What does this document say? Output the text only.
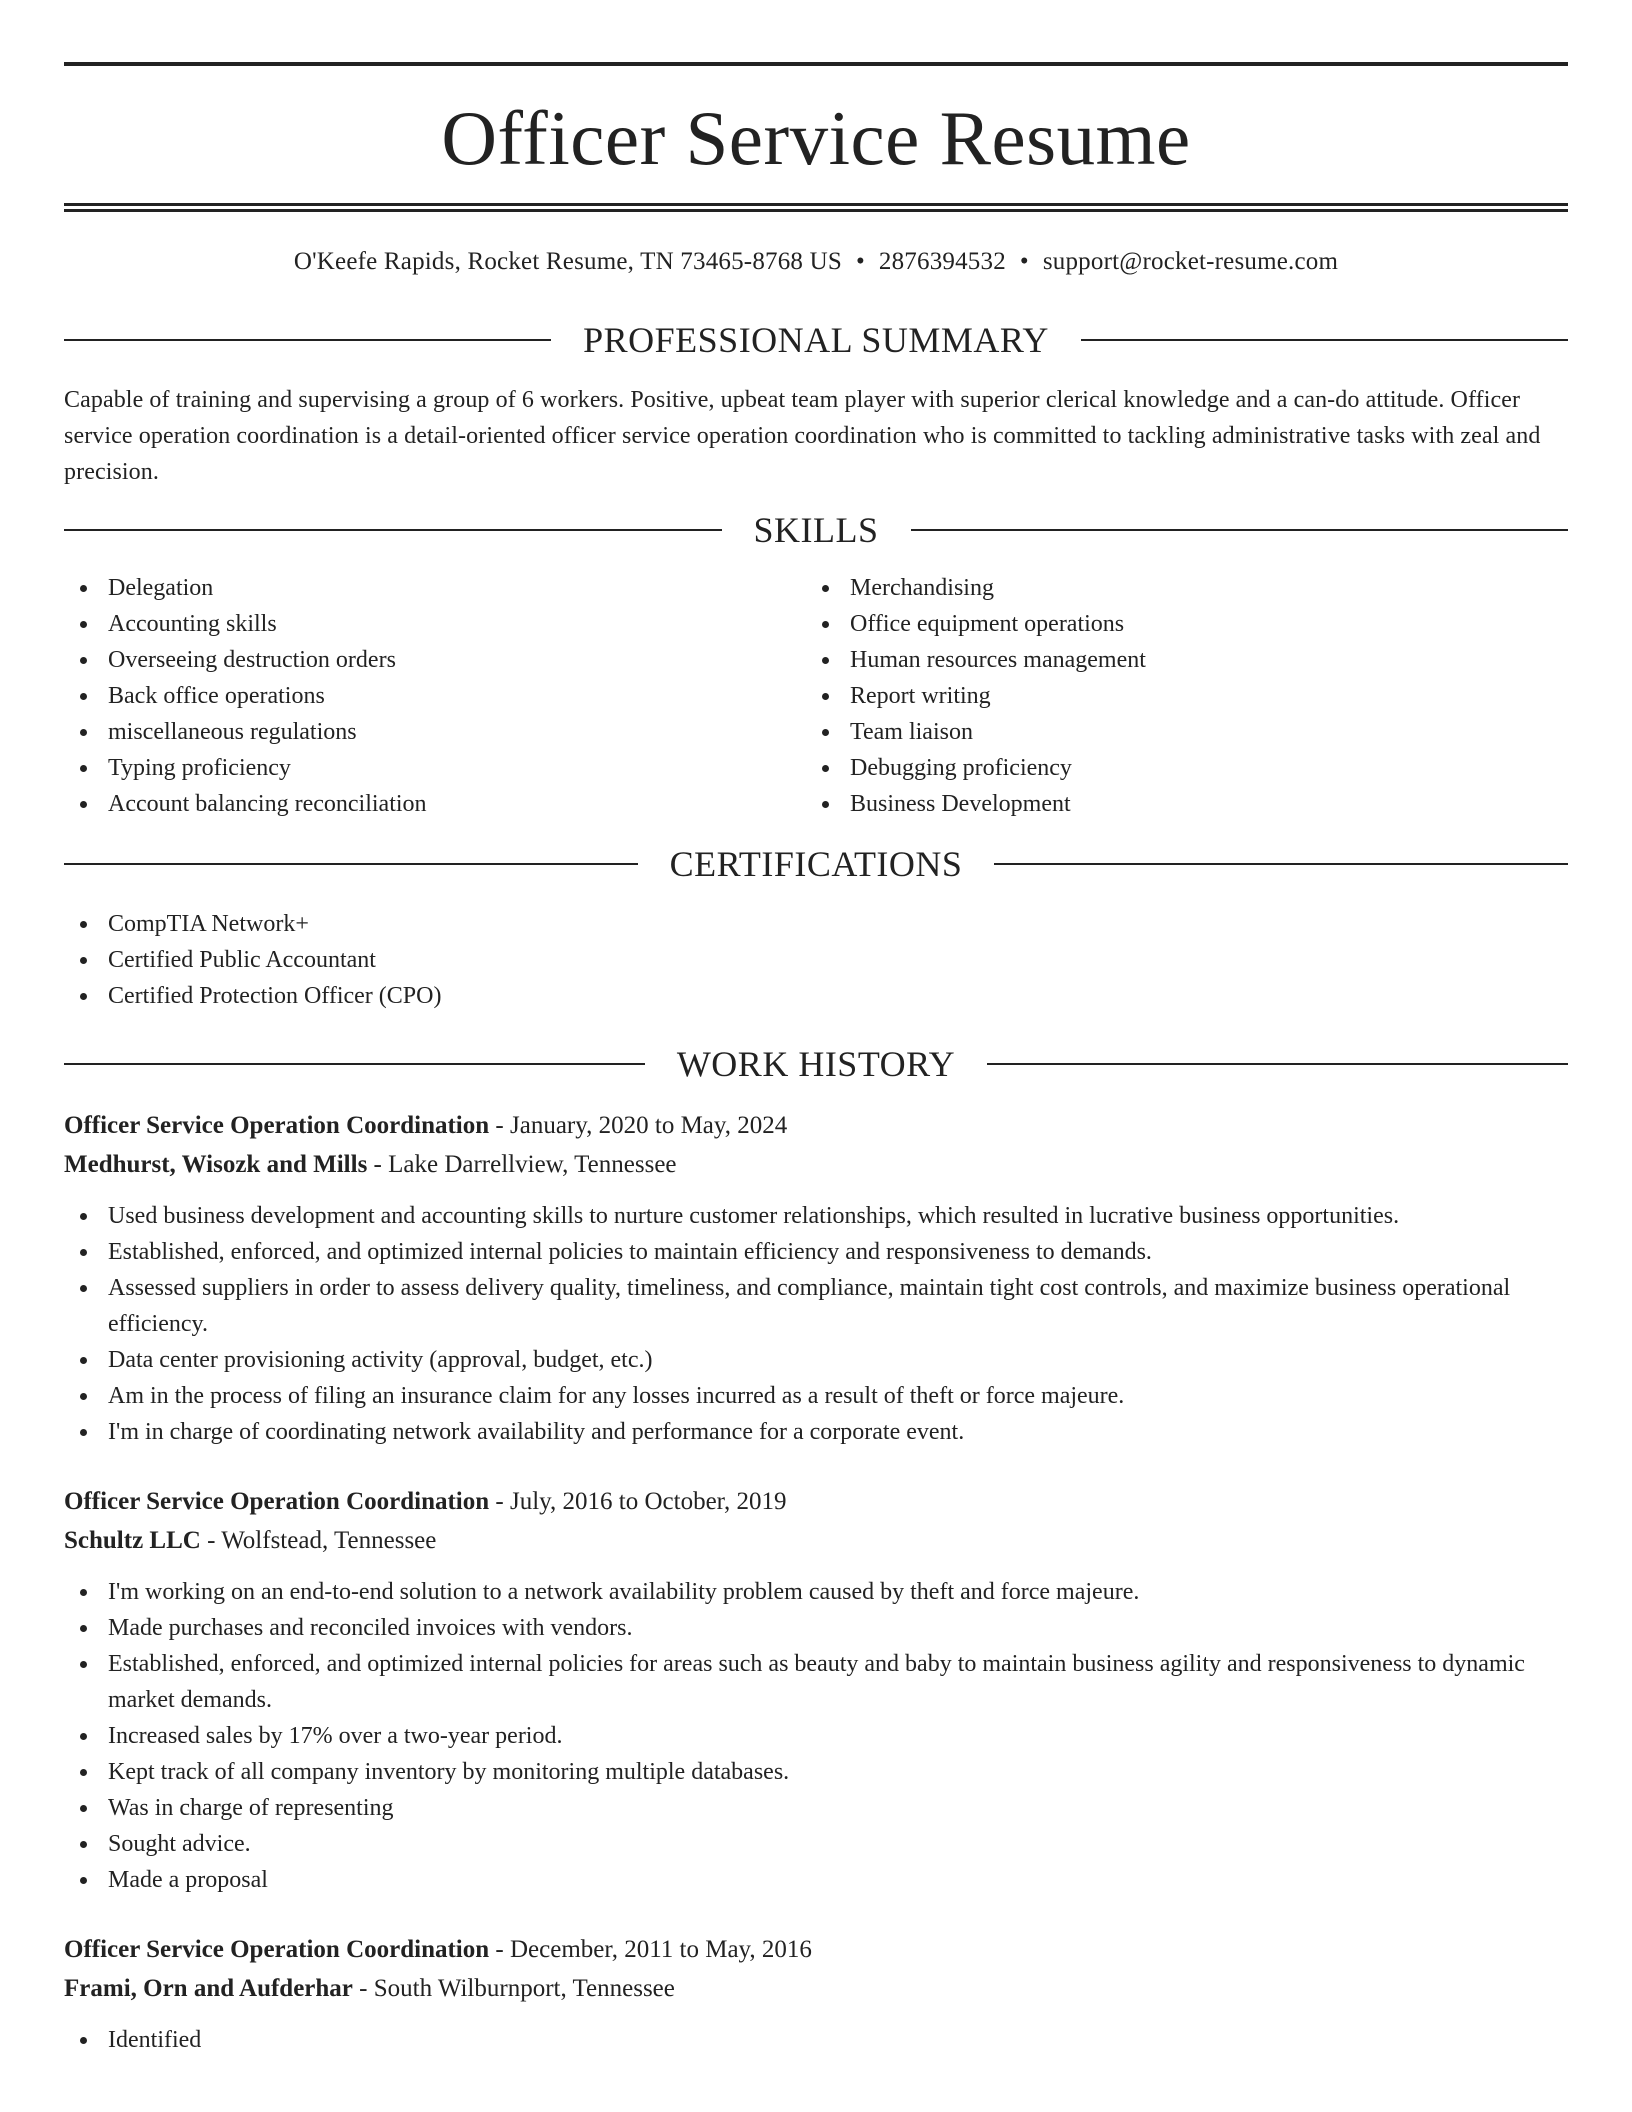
Officer Service Resume
O'Keefe Rapids, Rocket Resume, TN 73465-8768 US • 2876394532 • support@rocket-resume.com
PROFESSIONAL SUMMARY
Capable of training and supervising a group of 6 workers. Positive, upbeat team player with superior clerical knowledge and a can-do attitude. Officer service operation coordination is a detail-oriented officer service operation coordination who is committed to tackling administrative tasks with zeal and precision.
SKILLS
Delegation
Accounting skills
Overseeing destruction orders
Back office operations
miscellaneous regulations
Typing proficiency
Account balancing reconciliation
Merchandising
Office equipment operations
Human resources management
Report writing
Team liaison
Debugging proficiency
Business Development
CERTIFICATIONS
CompTIA Network+
Certified Public Accountant
Certified Protection Officer (CPO)
WORK HISTORY
Officer Service Operation Coordination - January, 2020 to May, 2024
Medhurst, Wisozk and Mills - Lake Darrellview, Tennessee
Used business development and accounting skills to nurture customer relationships, which resulted in lucrative business opportunities.
Established, enforced, and optimized internal policies to maintain efficiency and responsiveness to demands.
Assessed suppliers in order to assess delivery quality, timeliness, and compliance, maintain tight cost controls, and maximize business operational efficiency.
Data center provisioning activity (approval, budget, etc.)
Am in the process of filing an insurance claim for any losses incurred as a result of theft or force majeure.
I'm in charge of coordinating network availability and performance for a corporate event.
Officer Service Operation Coordination - July, 2016 to October, 2019
Schultz LLC - Wolfstead, Tennessee
I'm working on an end-to-end solution to a network availability problem caused by theft and force majeure.
Made purchases and reconciled invoices with vendors.
Established, enforced, and optimized internal policies for areas such as beauty and baby to maintain business agility and responsiveness to dynamic market demands.
Increased sales by 17% over a two-year period.
Kept track of all company inventory by monitoring multiple databases.
Was in charge of representing
Sought advice.
Made a proposal
Officer Service Operation Coordination - December, 2011 to May, 2016
Frami, Orn and Aufderhar - South Wilburnport, Tennessee
Identified
